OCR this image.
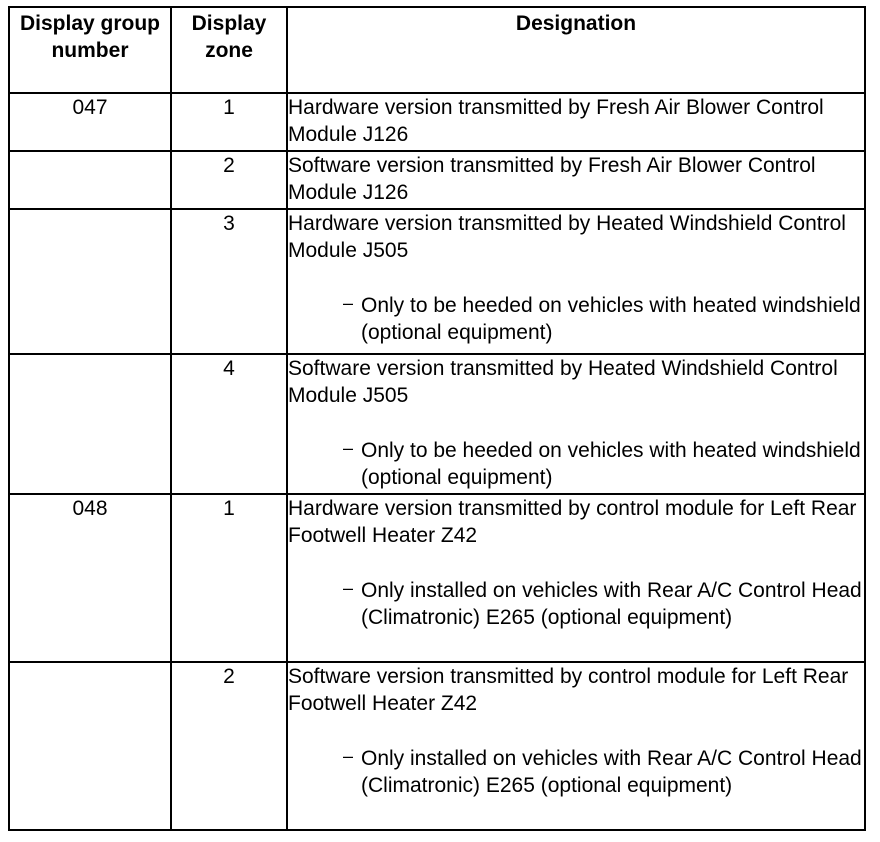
Display group number	Display zone	Designation
047	1	Hardware version transmitted by Fresh Air Blower Control Module J126

	2	Software version transmitted by Fresh Air Blower Control Module J126

	3	Hardware version transmitted by Heated Windshield Control Module J505
– Only to be heeded on vehicles with heated windshield (optional equipment)

	4	Software version transmitted by Heated Windshield Control Module J505
– Only to be heeded on vehicles with heated windshield (optional equipment)

048	1	Hardware version transmitted by control module for Left Rear Footwell Heater Z42
– Only installed on vehicles with Rear A/C Control Head (Climatronic) E265 (optional equipment)

	2	Software version transmitted by control module for Left Rear Footwell Heater Z42
– Only installed on vehicles with Rear A/C Control Head (Climatronic) E265 (optional equipment)
